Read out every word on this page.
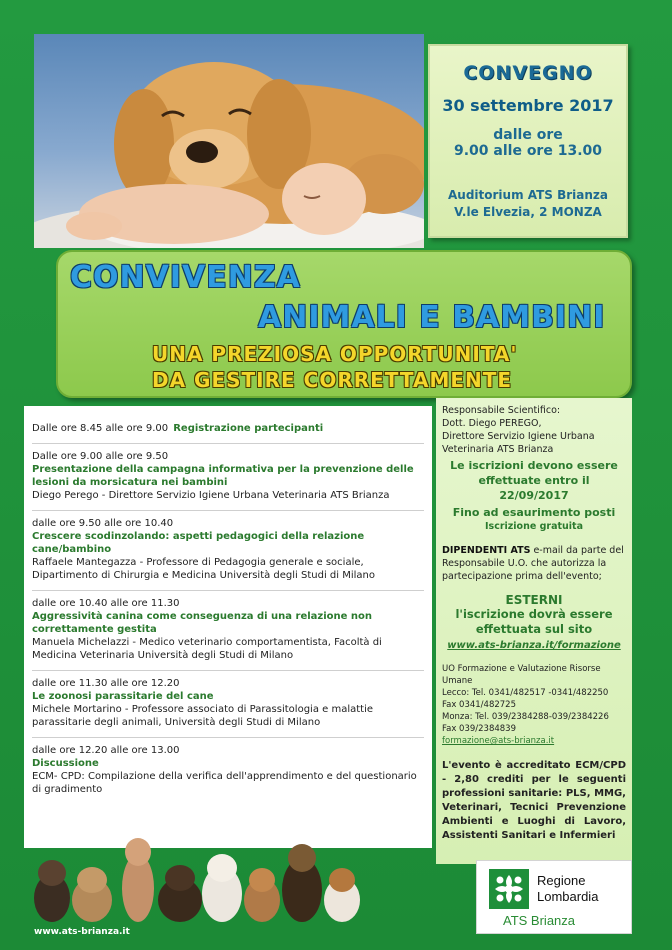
CONVEGNO
30 settembre 2017
dalle ore
9.00 alle ore 13.00
Auditorium ATS Brianza
V.le Elvezia, 2 MONZA
CONVIVENZA
ANIMALI E BAMBINI
UNA PREZIOSA OPPORTUNITA'
DA GESTIRE CORRETTAMENTE
Dalle ore 8.45 alle ore 9.00 Registrazione partecipanti
Dalle ore 9.00 alle ore 9.50
Presentazione della campagna informativa per la prevenzione delle lesioni da morsicatura nei bambini
Diego Perego - Direttore Servizio Igiene Urbana Veterinaria ATS Brianza
dalle ore 9.50 alle ore 10.40
Crescere scodinzolando: aspetti pedagogici della relazione cane/bambino
Raffaele Mantegazza - Professore di Pedagogia generale e sociale, Dipartimento di Chirurgia e Medicina Università degli Studi di Milano
dalle ore 10.40 alle ore 11.30
Aggressività canina come conseguenza di una relazione non correttamente gestita
Manuela Michelazzi - Medico veterinario comportamentista, Facoltà di Medicina Veterinaria Università degli Studi di Milano
dalle ore 11.30 alle ore 12.20
Le zoonosi parassitarie del cane
Michele Mortarino - Professore associato di Parassitologia e malattie parassitarie degli animali, Università degli Studi di Milano
dalle ore 12.20 alle ore 13.00
Discussione
ECM- CPD: Compilazione della verifica dell'apprendimento e del questionario di gradimento
Responsabile Scientifico:
Dott. Diego PEREGO,
Direttore Servizio Igiene Urbana Veterinaria ATS Brianza
Le iscrizioni devono essere effettuate entro il 22/09/2017
Fino ad esaurimento posti
Iscrizione gratuita
DIPENDENTI ATS e-mail da parte del Responsabile U.O. che autorizza la partecipazione prima dell'evento;
ESTERNI
l'iscrizione dovrà essere effettuata sul sito
www.ats-brianza.it/formazione
UO Formazione e Valutazione Risorse Umane
Lecco: Tel. 0341/482517 -0341/482250
Fax 0341/482725
Monza: Tel. 039/2384288-039/2384226
Fax 039/2384839
formazione@ats-brianza.it
L'evento è accreditato ECM/CPD - 2,80 crediti per le seguenti professioni sanitarie: PLS, MMG, Veterinari, Tecnici Prevenzione Ambienti e Luoghi di Lavoro, Assistenti Sanitari e Infermieri
www.ats-brianza.it
Regione
Lombardia
ATS Brianza
